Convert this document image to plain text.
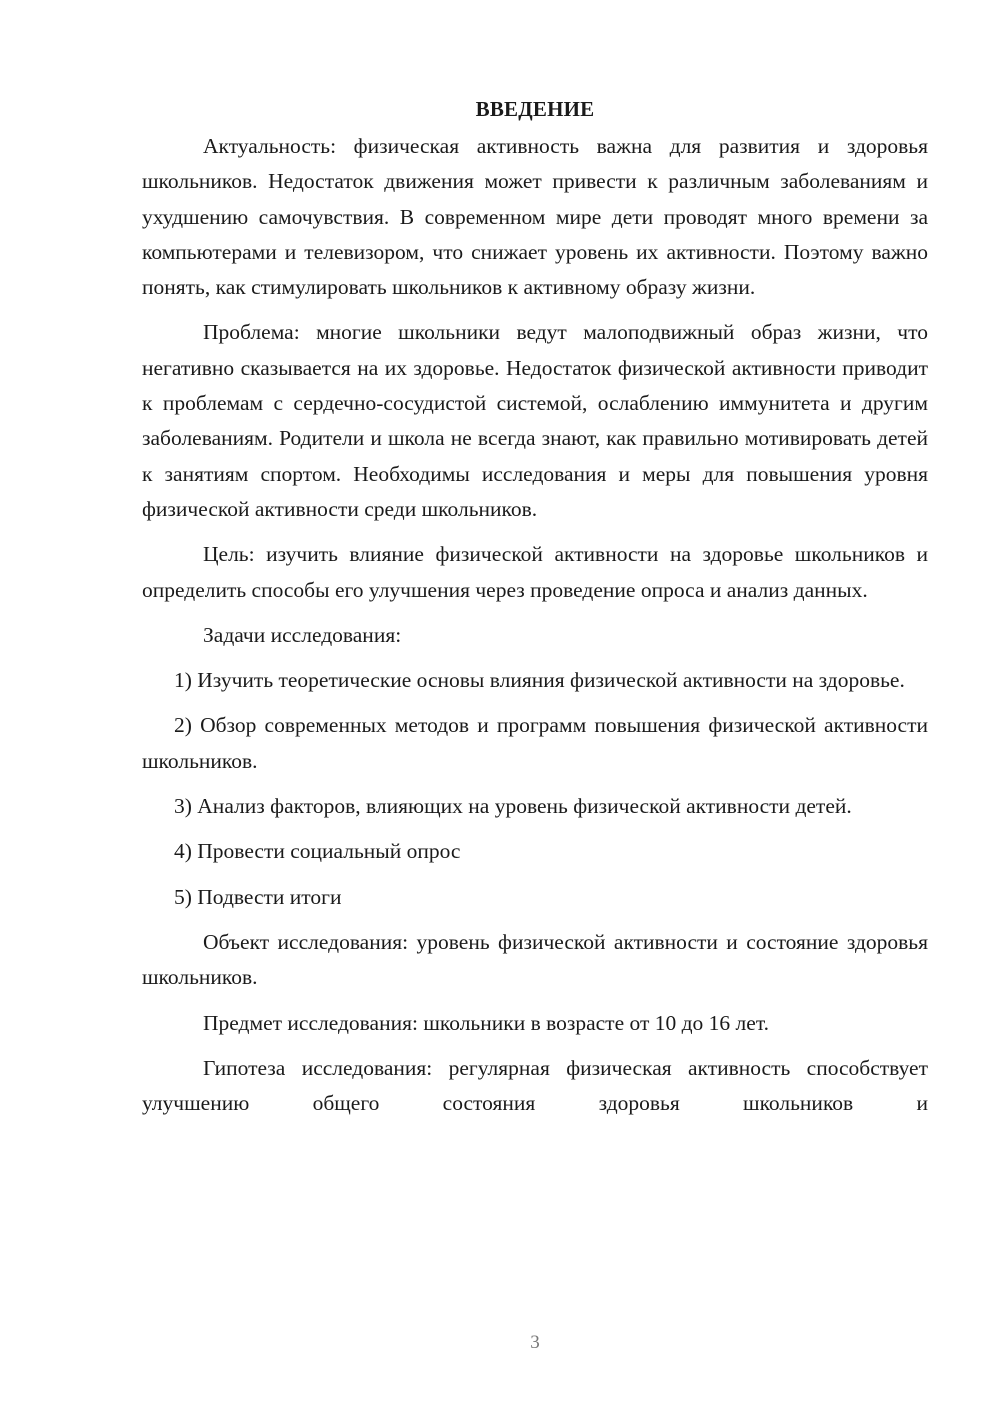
ВВЕДЕНИЕ

Актуальность: физическая активность важна для развития и здоровья школьников. Недостаток движения может привести к различным заболеваниям и ухудшению самочувствия. В современном мире дети проводят много времени за компьютерами и телевизором, что снижает уровень их активности. Поэтому важно понять, как стимулировать школьников к активному образу жизни.

Проблема: многие школьники ведут малоподвижный образ жизни, что негативно сказывается на их здоровье. Недостаток физической активности приводит к проблемам с сердечно-сосудистой системой, ослаблению иммунитета и другим заболеваниям. Родители и школа не всегда знают, как правильно мотивировать детей к занятиям спортом. Необходимы исследования и меры для повышения уровня физической активности среди школьников.

Цель: изучить влияние физической активности на здоровье школьников и определить способы его улучшения через проведение опроса и анализ данных.

Задачи исследования:

1) Изучить теоретические основы влияния физической активности на здоровье.

2) Обзор современных методов и программ повышения физической активности школьников.

3) Анализ факторов, влияющих на уровень физической активности детей.

4) Провести социальный опрос

5) Подвести итоги

Объект исследования: уровень физической активности и состояние здоровья школьников.

Предмет исследования: школьники в возрасте от 10 до 16 лет.

Гипотеза исследования: регулярная физическая активность способствует улучшению общего состояния здоровья школьников и

3
